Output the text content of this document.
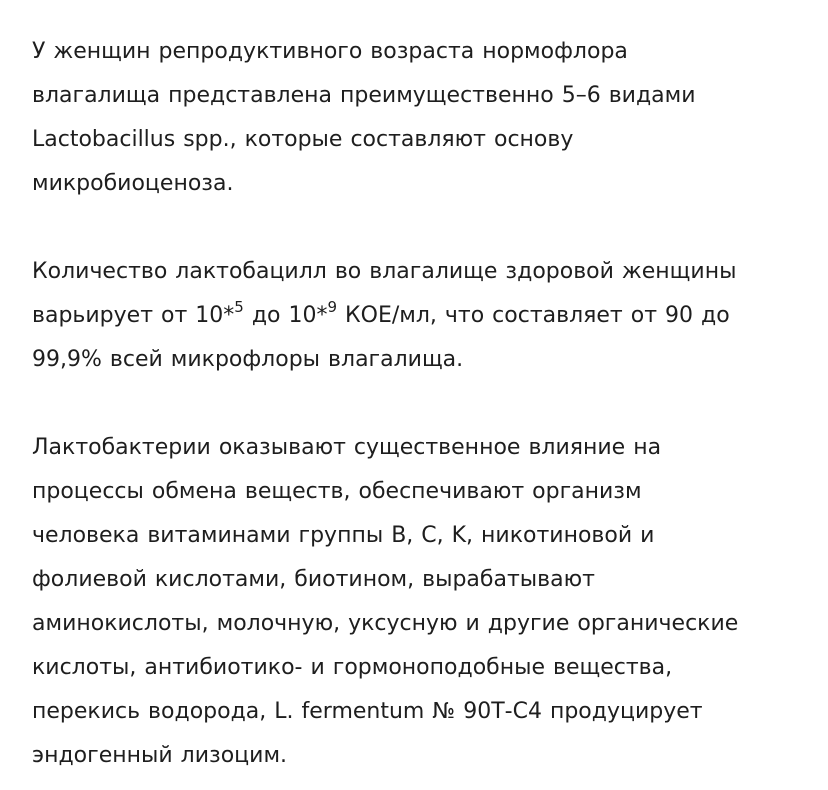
У женщин репродуктивного возраста нормофлора
влагалища представлена преимущественно 5–6 видами
Lactobacillus spp., которые составляют основу
микробиоценоза.

Количество лактобацилл во влагалище здоровой женщины
варьирует от 10*$^5$ до 10*$^9$ КОЕ/мл, что составляет от 90 до
99,9% всей микрофлоры влагалища.

Лактобактерии оказывают существенное влияние на
процессы обмена веществ, обеспечивают организм
человека витаминами группы B, C, K, никотиновой и
фолиевой кислотами, биотином, вырабатывают
аминокислоты, молочную, уксусную и другие органические
кислоты, антибиотико- и гормоноподобные вещества,
перекись водорода, L. fermentum № 90Т-С4 продуцирует
эндогенный лизоцим.
